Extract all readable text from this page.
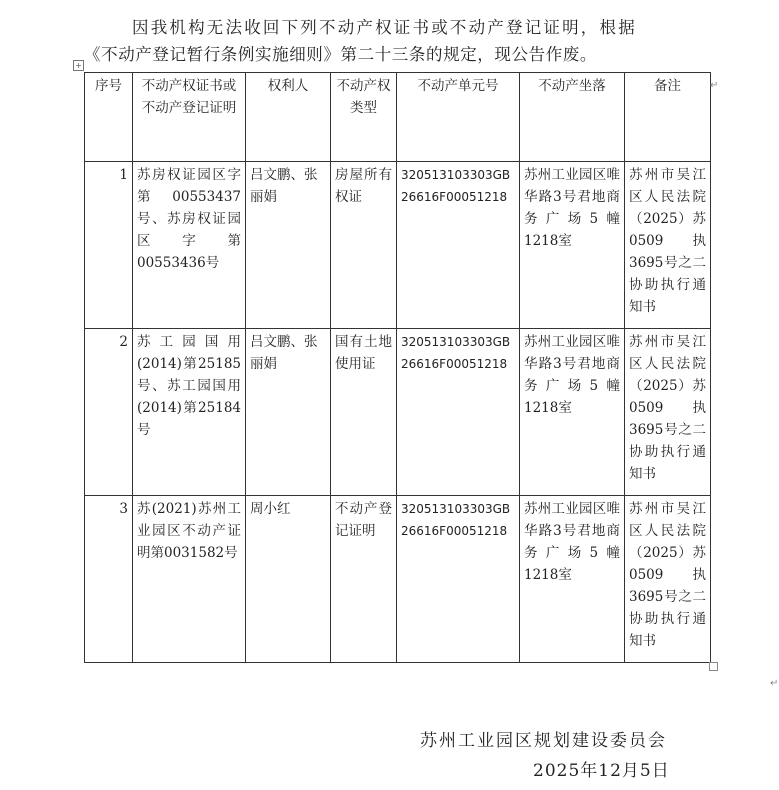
因我机构无法收回下列不动产权证书或不动产登记证明，根据
《不动产登记暂行条例实施细则》第二十三条的规定，现公告作废。
+
序号	不动产权证书或不动产登记证明	权利人	不动产权类型	不动产单元号	不动产坐落	备注
1	苏房权证园区字第00553437号、苏房权证园区字第00553436号	吕文鹏、张丽娟	房屋所有权证	320513103303GB26616F00051218	苏州工业园区唯华路3号君地商务广场5幢1218室	苏州市吴江区人民法院（2025）苏0509执3695号之二协助执行通知书
2	苏工园国用(2014)第25185号、苏工园国用(2014)第25184号	吕文鹏、张丽娟	国有土地使用证	320513103303GB26616F00051218	苏州工业园区唯华路3号君地商务广场5幢1218室	苏州市吴江区人民法院（2025）苏0509执3695号之二协助执行通知书
3	苏(2021)苏州工业园区不动产证明第0031582号	周小红	不动产登记证明	320513103303GB26616F00051218	苏州工业园区唯华路3号君地商务广场5幢1218室	苏州市吴江区人民法院（2025）苏0509执3695号之二协助执行通知书
↵
↵
苏州工业园区规划建设委员会
2025年12月5日
